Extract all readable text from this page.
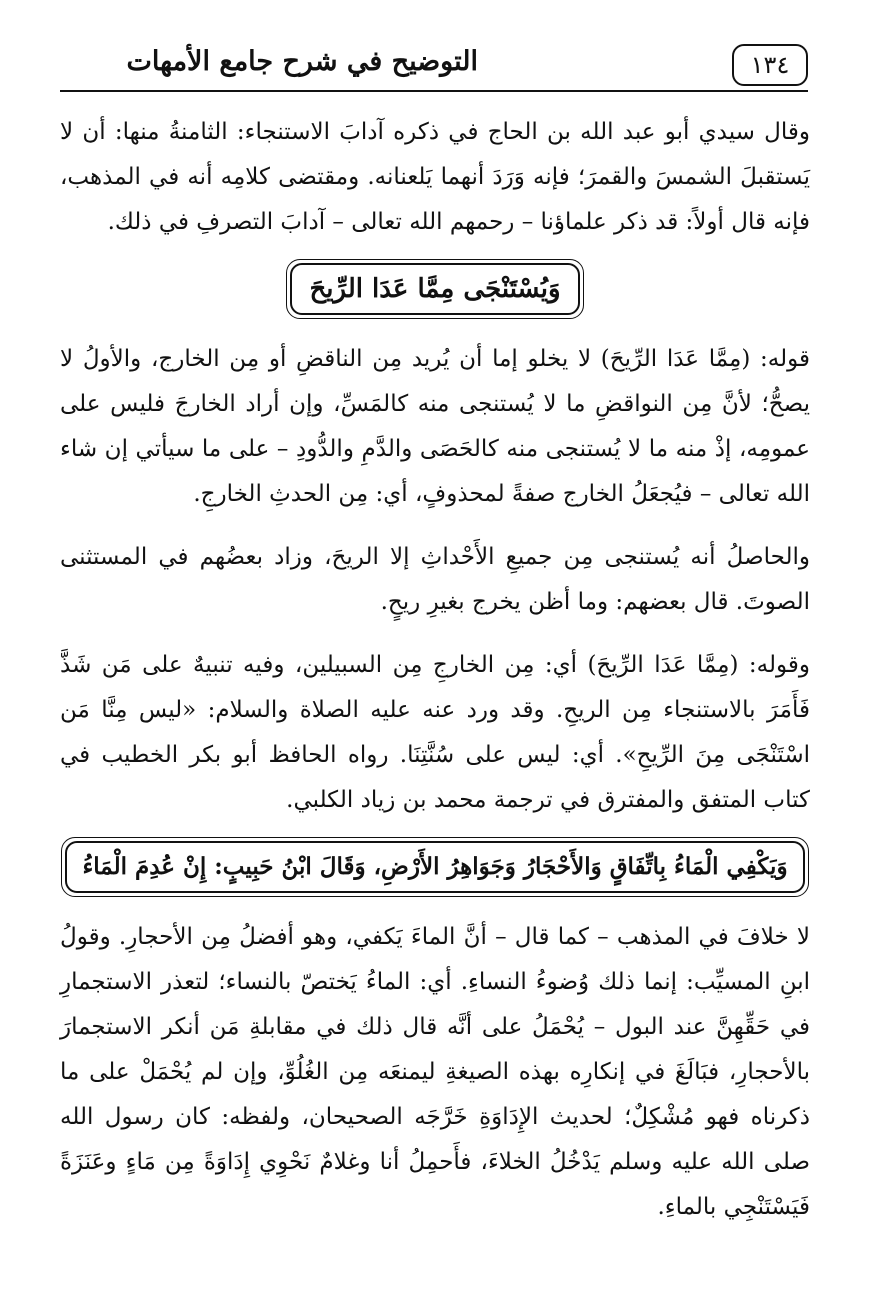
التوضيح في شرح جامع الأمهات	١٣٤

وقال سيدي أبو عبد الله بن الحاج في ذكره آدابَ الاستنجاء: الثامنةُ منها: أن لا يَستقبلَ الشمسَ والقمرَ؛ فإنه وَرَدَ أنهما يَلعنانه. ومقتضى كلامِه أنه في المذهب، فإنه قال أولاً: قد ذكر علماؤنا – رحمهم الله تعالى – آدابَ التصرفِ في ذلك.

وَيُسْتَنْجَى مِمَّا عَدَا الرِّيحَ

قوله: (مِمَّا عَدَا الرِّيحَ) لا يخلو إما أن يُريد مِن الناقضِ أو مِن الخارج، والأولُ لا يصحُّ؛ لأنَّ مِن النواقضِ ما لا يُستنجى منه كالمَسِّ، وإن أراد الخارجَ فليس على عمومِه، إذْ منه ما لا يُستنجى منه كالحَصَى والدَّمِ والدُّودِ – على ما سيأتي إن شاء الله تعالى – فيُجعَلُ الخارج صفةً لمحذوفٍ، أي: مِن الحدثِ الخارجِ.

والحاصلُ أنه يُستنجى مِن جميعِ الأَحْداثِ إلا الريحَ، وزاد بعضُهم في المستثنى الصوتَ. قال بعضهم: وما أظن يخرج بغيرِ ريحٍ.

وقوله: (مِمَّا عَدَا الرِّيحَ) أي: مِن الخارجِ مِن السبيلين، وفيه تنبيهٌ على مَن شَذَّ فَأَمَرَ بالاستنجاء مِن الريحِ. وقد ورد عنه عليه الصلاة والسلام: «ليس مِنَّا مَن اسْتَنْجَى مِنَ الرِّيحِ». أي: ليس على سُنَّتِنَا. رواه الحافظ أبو بكر الخطيب في كتاب المتفق والمفترق في ترجمة محمد بن زياد الكلبي.

وَيَكْفِي الْمَاءُ بِاتِّفَاقٍ وَالأَحْجَارُ وَجَوَاهِرُ الأَرْضِ، وَقَالَ ابْنُ حَبِيبٍ: إِنْ عُدِمَ الْمَاءُ

لا خلافَ في المذهب – كما قال – أنَّ الماءَ يَكفي، وهو أفضلُ مِن الأحجارِ. وقولُ ابنِ المسيِّب: إنما ذلك وُضوءُ النساءِ. أي: الماءُ يَختصّ بالنساء؛ لتعذر الاستجمارِ في حَقِّهِنَّ عند البول – يُحْمَلُ على أنَّه قال ذلك في مقابلةِ مَن أنكر الاستجمارَ بالأحجارِ، فبَالَغَ في إنكارِه بهذه الصيغةِ ليمنعَه مِن الغُلُوِّ، وإن لم يُحْمَلْ على ما ذكرناه فهو مُشْكِلٌ؛ لحديث الإِدَاوَةِ خَرَّجَه الصحيحان، ولفظه: كان رسول الله صلى الله عليه وسلم يَدْخُلُ الخلاءَ، فأَحمِلُ أنا وغلامٌ نَحْوِي إِدَاوَةً مِن مَاءٍ وعَنَزَةً فَيَسْتَنْجِي بالماءِ.
